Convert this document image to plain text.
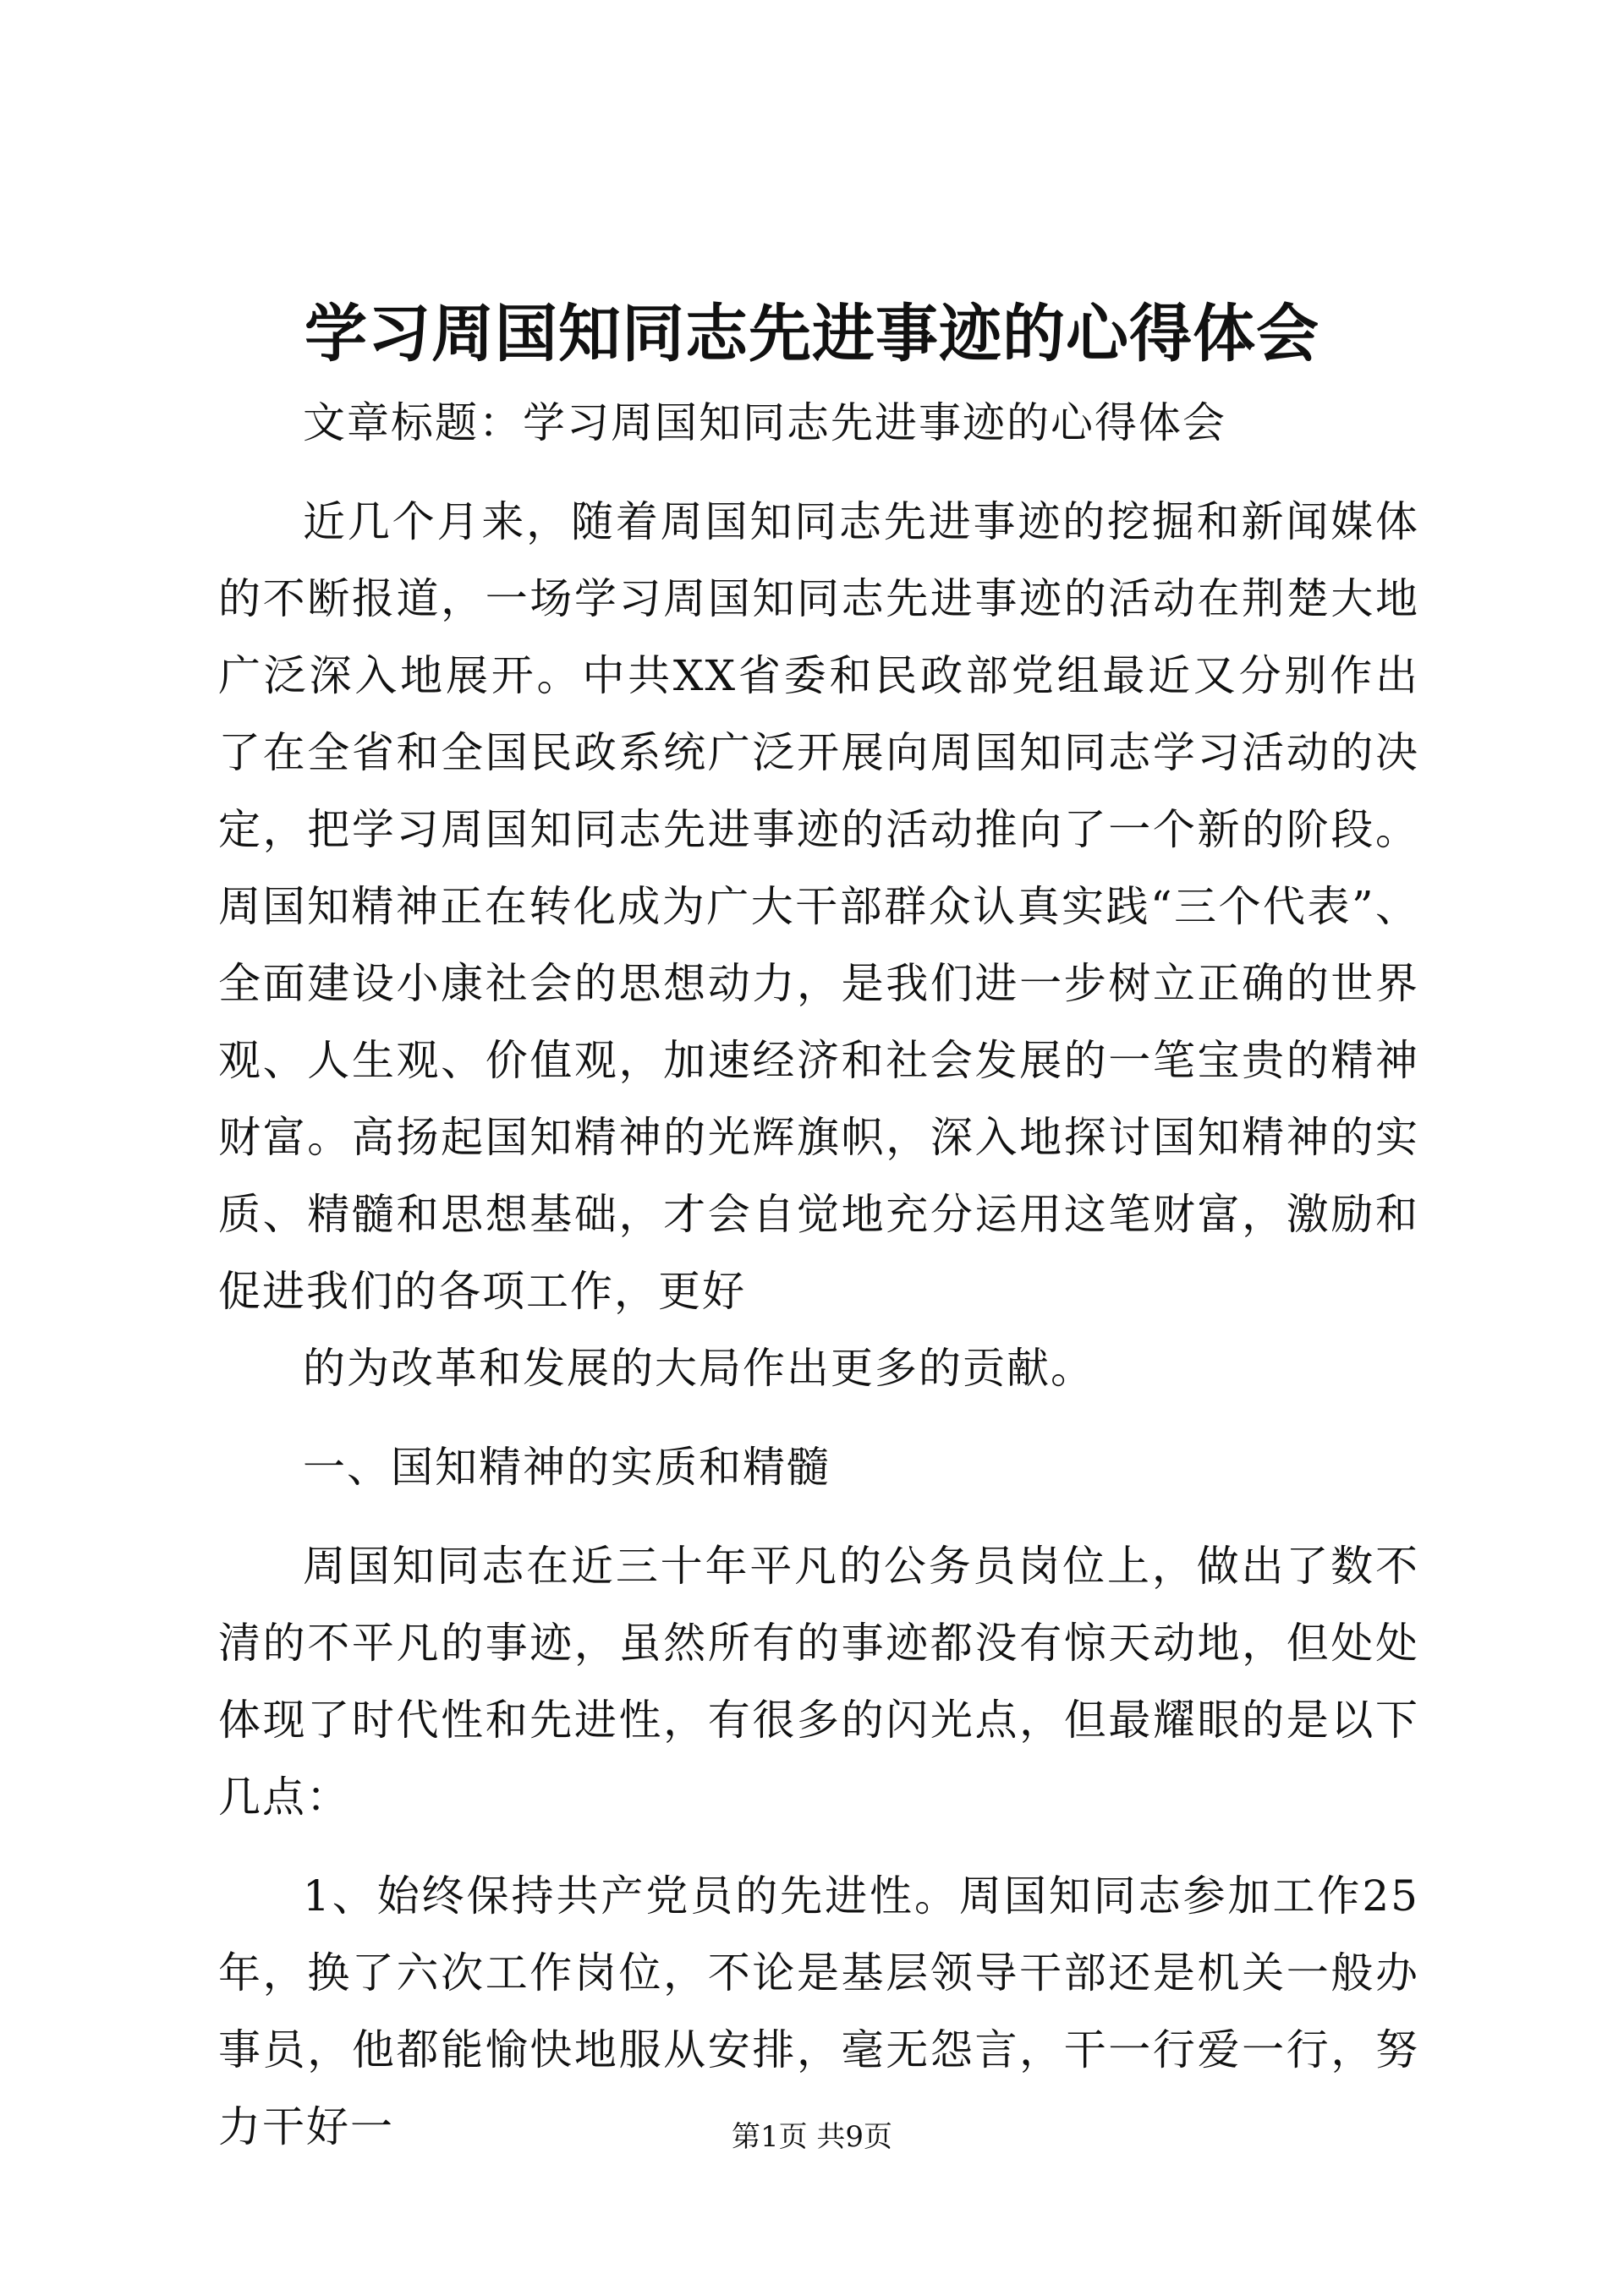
学习周国知同志先进事迹的心得体会

文章标题：学习周国知同志先进事迹的心得体会

近几个月来，随着周国知同志先进事迹的挖掘和新闻媒体的不断报道，一场学习周国知同志先进事迹的活动在荆楚大地广泛深入地展开。中共XX省委和民政部党组最近又分别作出了在全省和全国民政系统广泛开展向周国知同志学习活动的决定，把学习周国知同志先进事迹的活动推向了一个新的阶段。周国知精神正在转化成为广大干部群众认真实践“三个代表”、全面建设小康社会的思想动力，是我们进一步树立正确的世界观、人生观、价值观，加速经济和社会发展的一笔宝贵的精神财富。高扬起国知精神的光辉旗帜，深入地探讨国知精神的实质、精髓和思想基础，才会自觉地充分运用这笔财富，激励和促进我们的各项工作，更好

的为改革和发展的大局作出更多的贡献。

一、国知精神的实质和精髓

周国知同志在近三十年平凡的公务员岗位上，做出了数不清的不平凡的事迹，虽然所有的事迹都没有惊天动地，但处处体现了时代性和先进性，有很多的闪光点，但最耀眼的是以下几点：

1、始终保持共产党员的先进性。周国知同志参加工作25年，换了六次工作岗位，不论是基层领导干部还是机关一般办事员，他都能愉快地服从安排，毫无怨言，干一行爱一行，努力干好一	第1页 共9页
